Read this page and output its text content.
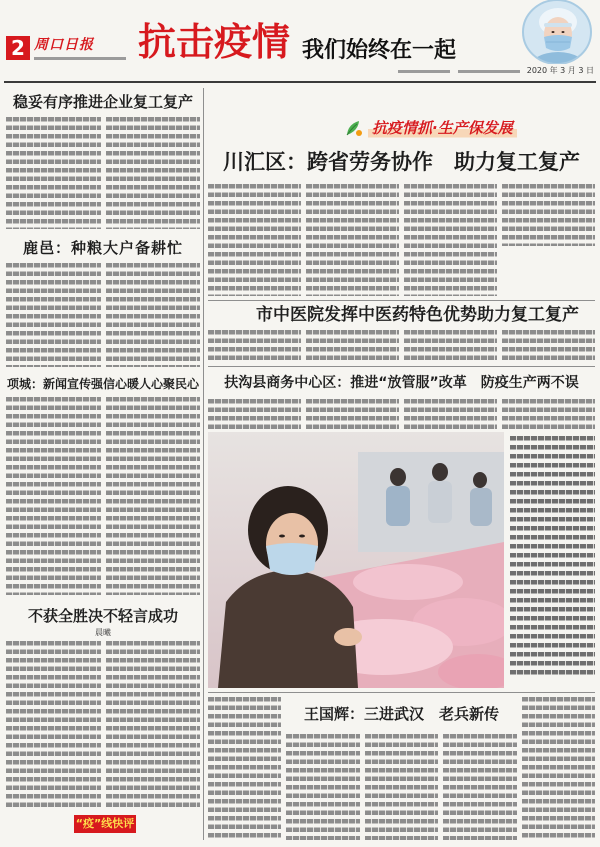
2 周口日报	抗击疫情 我们始终在一起
2020 年 3 月 3 日
稳妥有序推进企业复工复产
鹿邑：种粮大户备耕忙
项城：新闻宣传强信心暖人心聚民心
不获全胜决不轻言成功
晨曦
“疫”线快评
抗疫情抓·生产保发展
川汇区：跨省劳务协作　助力复工复产
市中医院发挥中医药特色优势助力复工复产
扶沟县商务中心区：推进“放管服”改革　防疫生产两不误
王国辉：三进武汉　老兵新传
